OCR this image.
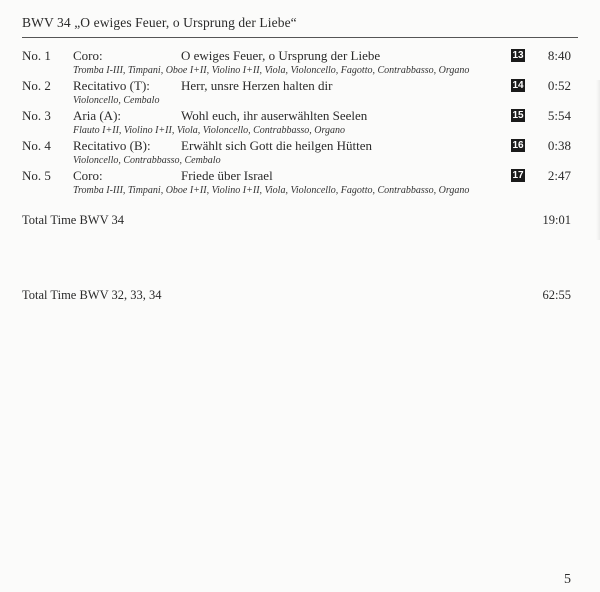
BWV 34 „O ewiges Feuer, o Ursprung der Liebe“
No. 1 Coro:	O ewiges Feuer, o Ursprung der Liebe	13 8:40
Tromba I-III, Timpani, Oboe I+II, Violino I+II, Viola, Violoncello, Fagotto, Contrabbasso, Organo
No. 2 Recitativo (T): Herr, unsre Herzen halten dir	14 0:52
Violoncello, Cembalo
No. 3 Aria (A):	Wohl euch, ihr auserwählten Seelen	15 5:54
Flauto I+II, Violino I+II, Viola, Violoncello, Contrabbasso, Organo
No. 4 Recitativo (B): Erwählt sich Gott die heilgen Hütten	16 0:38
Violoncello, Contrabbasso, Cembalo
No. 5 Coro:	Friede über Israel	17 2:47
Tromba I-III, Timpani, Oboe I+II, Violino I+II, Viola, Violoncello, Fagotto, Contrabbasso, Organo
Total Time BWV 34	19:01
Total Time BWV 32, 33, 34	62:55
5
